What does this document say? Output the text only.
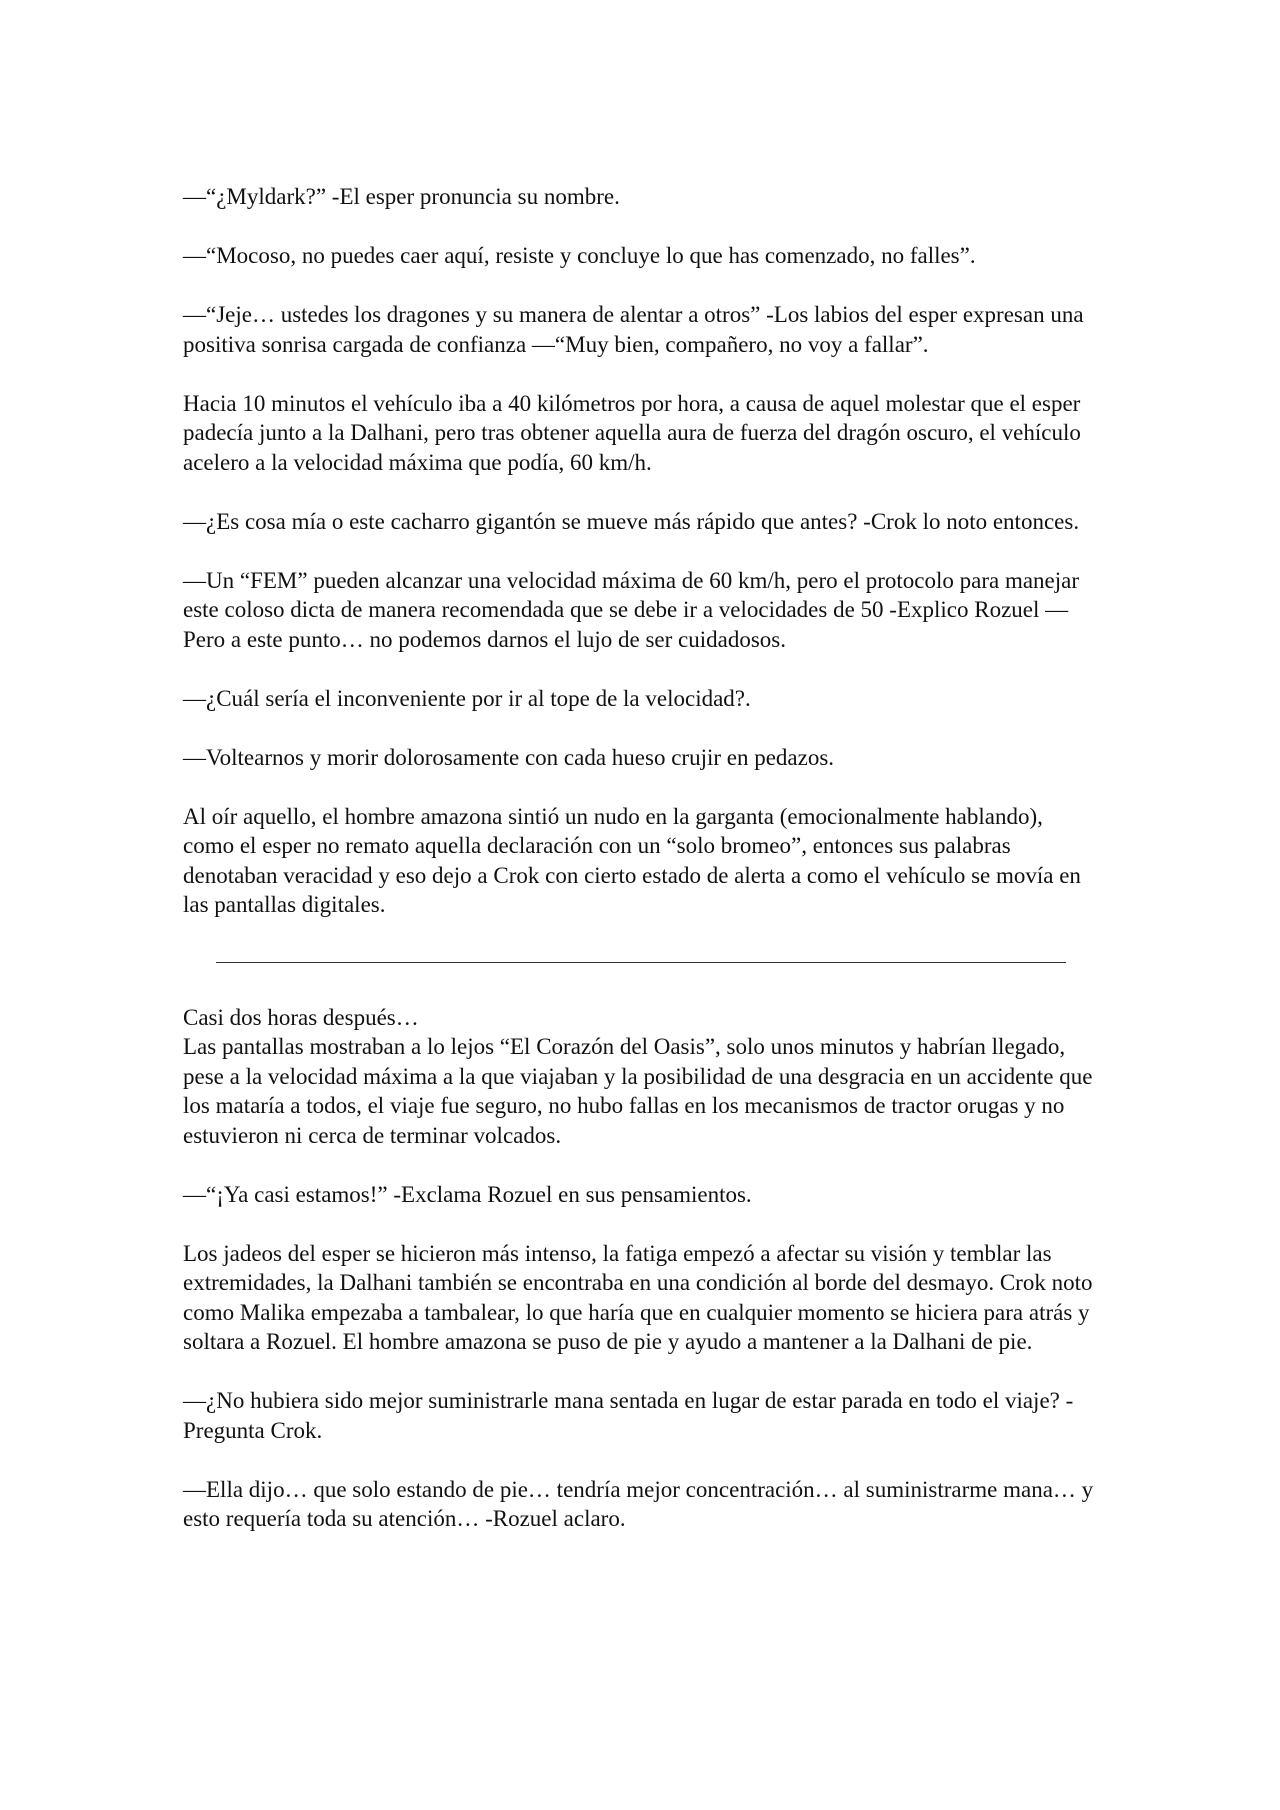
—“¿Myldark?” -El esper pronuncia su nombre.

—“Mocoso, no puedes caer aquí, resiste y concluye lo que has comenzado, no falles”.

—“Jeje… ustedes los dragones y su manera de alentar a otros” -Los labios del esper expresan una positiva sonrisa cargada de confianza —“Muy bien, compañero, no voy a fallar”.

Hacia 10 minutos el vehículo iba a 40 kilómetros por hora, a causa de aquel molestar que el esper padecía junto a la Dalhani, pero tras obtener aquella aura de fuerza del dragón oscuro, el vehículo acelero a la velocidad máxima que podía, 60 km/h.

—¿Es cosa mía o este cacharro gigantón se mueve más rápido que antes? -Crok lo noto entonces.

—Un “FEM” pueden alcanzar una velocidad máxima de 60 km/h, pero el protocolo para manejar este coloso dicta de manera recomendada que se debe ir a velocidades de 50 -Explico Rozuel —Pero a este punto… no podemos darnos el lujo de ser cuidadosos.

—¿Cuál sería el inconveniente por ir al tope de la velocidad?.

—Voltearnos y morir dolorosamente con cada hueso crujir en pedazos.

Al oír aquello, el hombre amazona sintió un nudo en la garganta (emocionalmente hablando), como el esper no remato aquella declaración con un “solo bromeo”, entonces sus palabras denotaban veracidad y eso dejo a Crok con cierto estado de alerta a como el vehículo se movía en las pantallas digitales.

Casi dos horas después…

Las pantallas mostraban a lo lejos “El Corazón del Oasis”, solo unos minutos y habrían llegado, pese a la velocidad máxima a la que viajaban y la posibilidad de una desgracia en un accidente que los mataría a todos, el viaje fue seguro, no hubo fallas en los mecanismos de tractor orugas y no estuvieron ni cerca de terminar volcados.

—“¡Ya casi estamos!” -Exclama Rozuel en sus pensamientos.

Los jadeos del esper se hicieron más intenso, la fatiga empezó a afectar su visión y temblar las extremidades, la Dalhani también se encontraba en una condición al borde del desmayo. Crok noto como Malika empezaba a tambalear, lo que haría que en cualquier momento se hiciera para atrás y soltara a Rozuel. El hombre amazona se puso de pie y ayudo a mantener a la Dalhani de pie.

—¿No hubiera sido mejor suministrarle mana sentada en lugar de estar parada en todo el viaje? -Pregunta Crok.

—Ella dijo… que solo estando de pie… tendría mejor concentración… al suministrarme mana… y esto requería toda su atención… -Rozuel aclaro.
